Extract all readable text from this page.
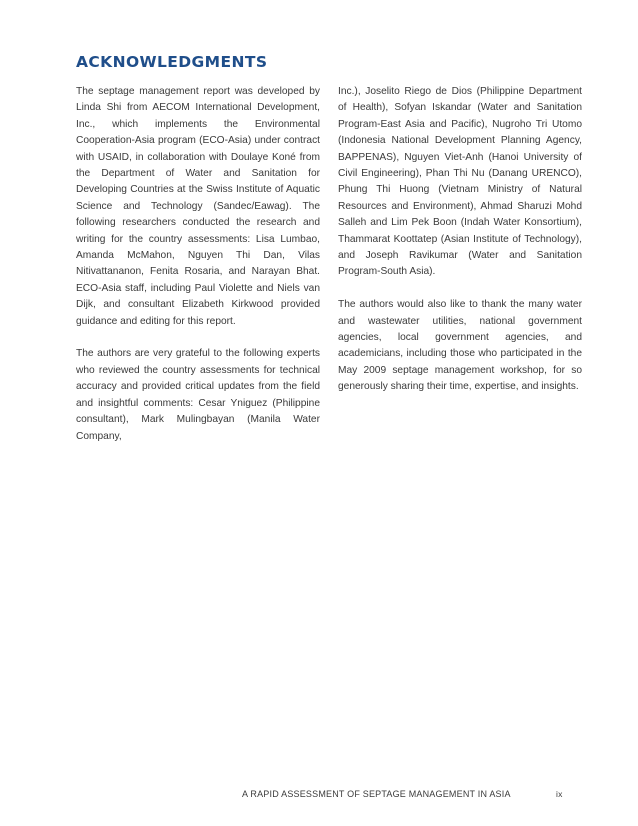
ACKNOWLEDGMENTS

The septage management report was developed by Linda Shi from AECOM International Development, Inc., which implements the Environmental Cooperation-Asia program (ECO-Asia) under contract with USAID, in collaboration with Doulaye Koné from the Department of Water and Sanitation for Developing Countries at the Swiss Institute of Aquatic Science and Technology (Sandec/Eawag). The following researchers conducted the research and writing for the country assessments: Lisa Lumbao, Amanda McMahon, Nguyen Thi Dan, Vilas Nitivattananon, Fenita Rosaria, and Narayan Bhat. ECO-Asia staff, including Paul Violette and Niels van Dijk, and consultant Elizabeth Kirkwood provided guidance and editing for this report.

The authors are very grateful to the following experts who reviewed the country assessments for technical accuracy and provided critical updates from the field and insightful comments: Cesar Yniguez (Philippine consultant), Mark Mulingbayan (Manila Water Company,

Inc.), Joselito Riego de Dios (Philippine Department of Health), Sofyan Iskandar (Water and Sanitation Program-East Asia and Pacific), Nugroho Tri Utomo (Indonesia National Development Planning Agency, BAPPENAS), Nguyen Viet-Anh (Hanoi University of Civil Engineering), Phan Thi Nu (Danang URENCO), Phung Thi Huong (Vietnam Ministry of Natural Resources and Environment), Ahmad Sharuzi Mohd Salleh and Lim Pek Boon (Indah Water Konsortium), Thammarat Koottatep (Asian Institute of Technology), and Joseph Ravikumar (Water and Sanitation Program-South Asia).

The authors would also like to thank the many water and wastewater utilities, national government agencies, local government agencies, and academicians, including those who participated in the May 2009 septage management workshop, for so generously sharing their time, expertise, and insights.

A RAPID ASSESSMENT OF SEPTAGE MANAGEMENT IN ASIA	ix
